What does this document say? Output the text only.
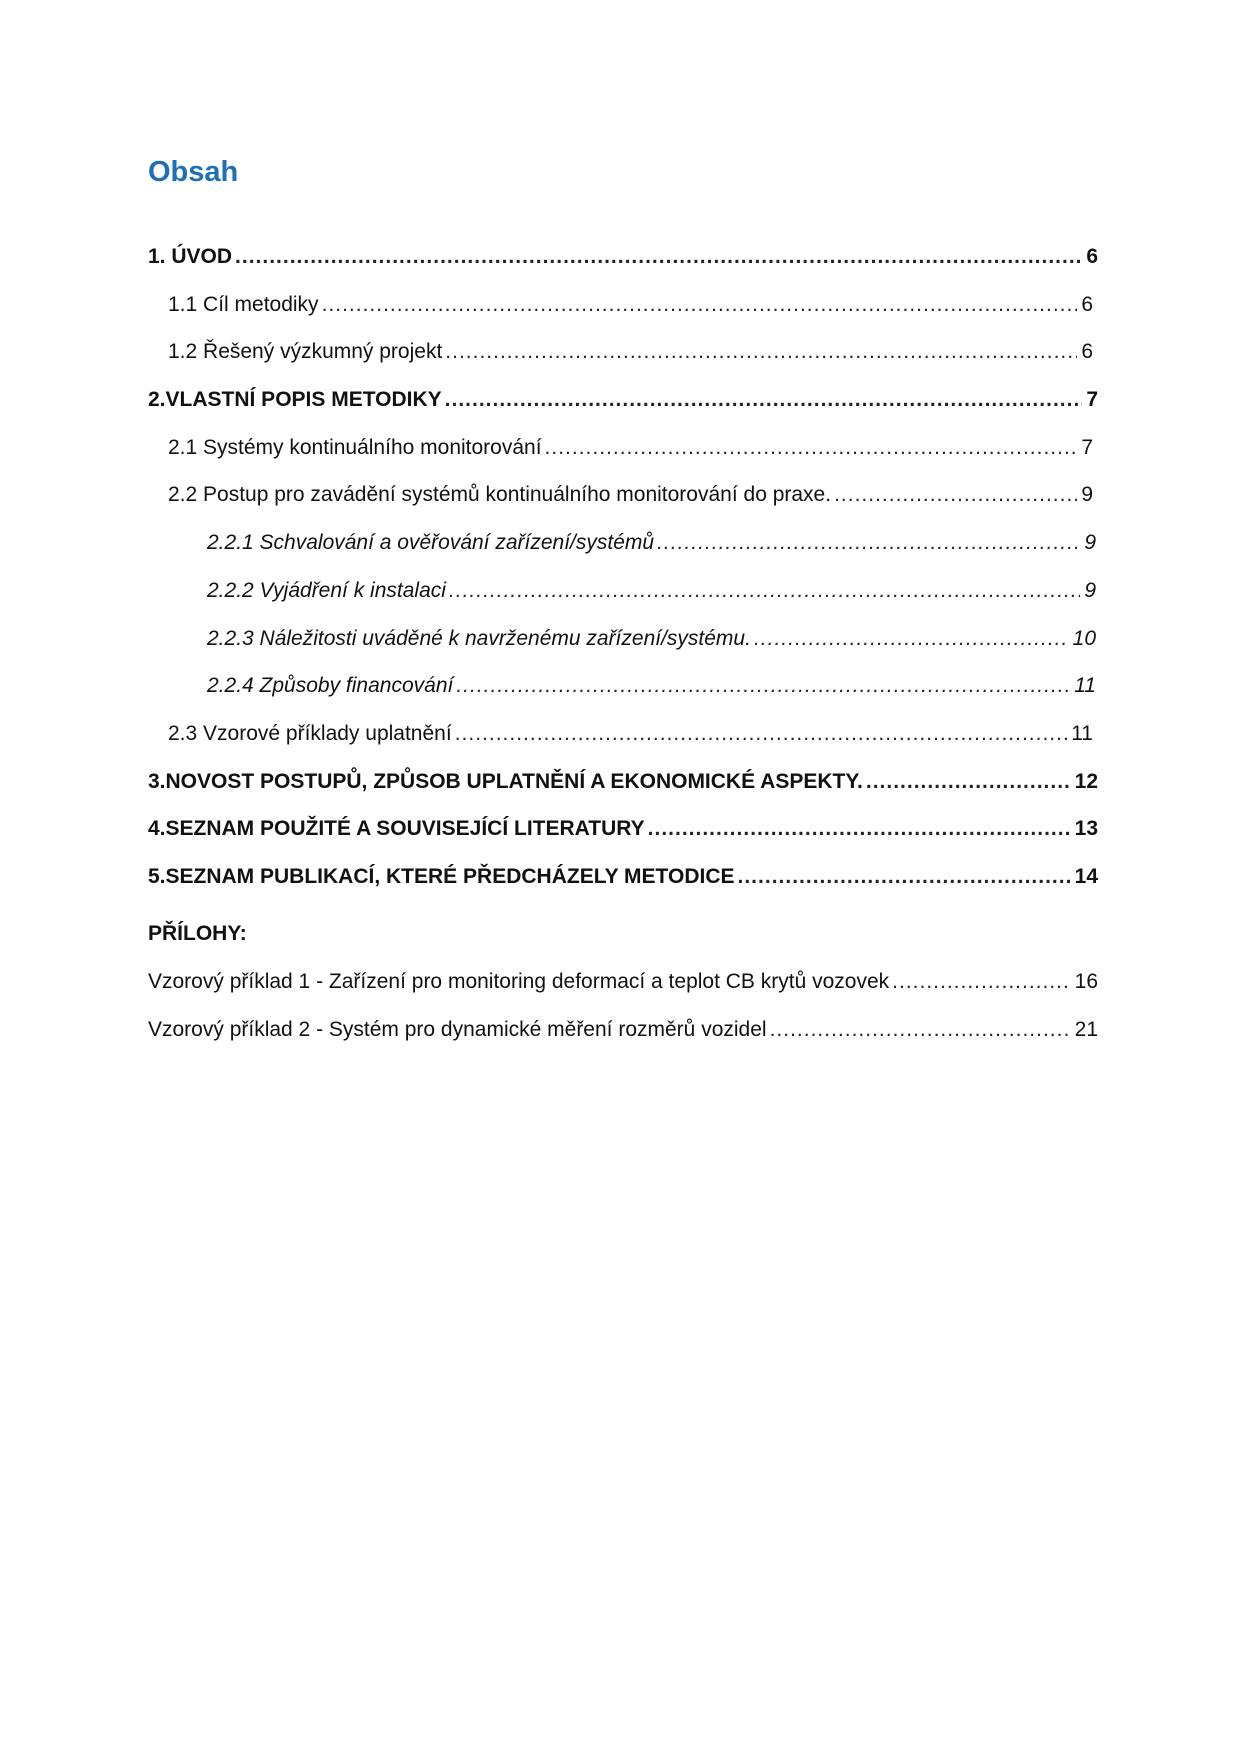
Obsah
1. ÚVOD .....	6
1.1 Cíl metodiky .....	6
1.2 Řešený výzkumný projekt .....	6
2.VLASTNÍ POPIS METODIKY .....	7
2.1 Systémy kontinuálního monitorování .....	7
2.2 Postup pro zavádění systémů kontinuálního monitorování do praxe. .....	9
2.2.1 Schvalování a ověřování zařízení/systémů .....	9
2.2.2 Vyjádření k instalaci .....	9
2.2.3 Náležitosti uváděné k navrženému zařízení/systému. .....	10
2.2.4 Způsoby financování .....	11
2.3 Vzorové příklady uplatnění .....	11
3.NOVOST POSTUPŮ, ZPŮSOB UPLATNĚNÍ A EKONOMICKÉ ASPEKTY. .....	12
4.SEZNAM POUŽITÉ A SOUVISEJÍCÍ LITERATURY .....	13
5.SEZNAM PUBLIKACÍ, KTERÉ PŘEDCHÁZELY METODICE .....	14
PŘÍLOHY:
Vzorový příklad 1 - Zařízení pro monitoring deformací a teplot CB krytů vozovek .....	16
Vzorový příklad 2 - Systém pro dynamické měření rozměrů vozidel .....	21
